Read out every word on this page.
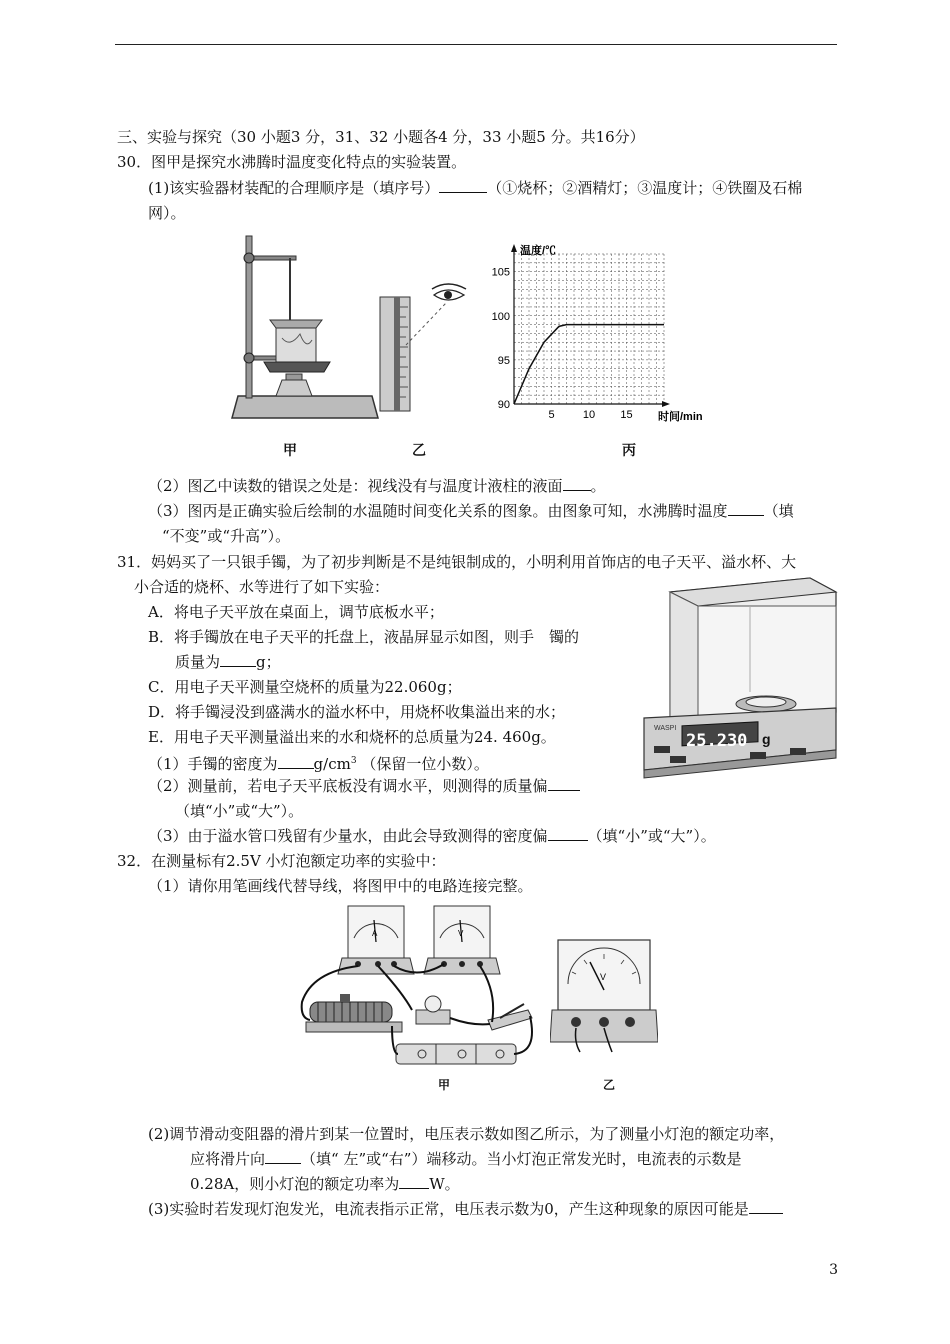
三、实验与探究（30 小题3 分，31、32 小题各4 分，33 小题5 分。共16分）
30．图甲是探究水沸腾时温度变化特点的实验装置。
(1)该实验器材装配的合理顺序是（填序号）	（①烧杯；②酒精灯；③温度计；④铁圈及石棉
网）。
甲	乙
温度/℃
时间/min
90
95
100
105
5	10 15
丙
（2）图乙中读数的错误之处是：视线没有与温度计液柱的液面 。
（3）图丙是正确实验后绘制的水温随时间变化关系的图象。由图象可知，水沸腾时温度 （填
“不变”或“升高”）。
31．妈妈买了一只银手镯，为了初步判断是不是纯银制成的，小明利用首饰店的电子天平、溢水杯、大
小合适的烧杯、水等进行了如下实验：
A．将电子天平放在桌面上，调节底板水平；
B．将手镯放在电子天平的托盘上，液晶屏显示如图，则手　镯的
质量为 g；
C．用电子天平测量空烧杯的质量为22.060g；
D．将手镯浸没到盛满水的溢水杯中，用烧杯收集溢出来的水；
E．用电子天平测量溢出来的水和烧杯的总质量为24. 460g。
（1）手镯的密度为 $g/cm^3$ （保留一位小数）。
（2）测量前，若电子天平底板没有调水平，则测得的质量偏
（填“小”或“大”）。
（3）由于溢水管口残留有少量水，由此会导致测得的密度偏	（填“小”或“大”）。
25.230 g
WASPI
32．在测量标有2.5V 小灯泡额定功率的实验中：
（1）请你用笔画线代替导线，将图甲中的电路连接完整。
A	V
甲
V
乙
(2)调节滑动变阻器的滑片到某一位置时，电压表示数如图乙所示，为了测量小灯泡的额定功率，
应将滑片向 （填“ 左”或“右”）端移动。当小灯泡正常发光时，电流表的示数是
0.28A，则小灯泡的额定功率为 W。
(3)实验时若发现灯泡发光，电流表指示正常，电压表示数为0，产生这种现象的原因可能是
3
